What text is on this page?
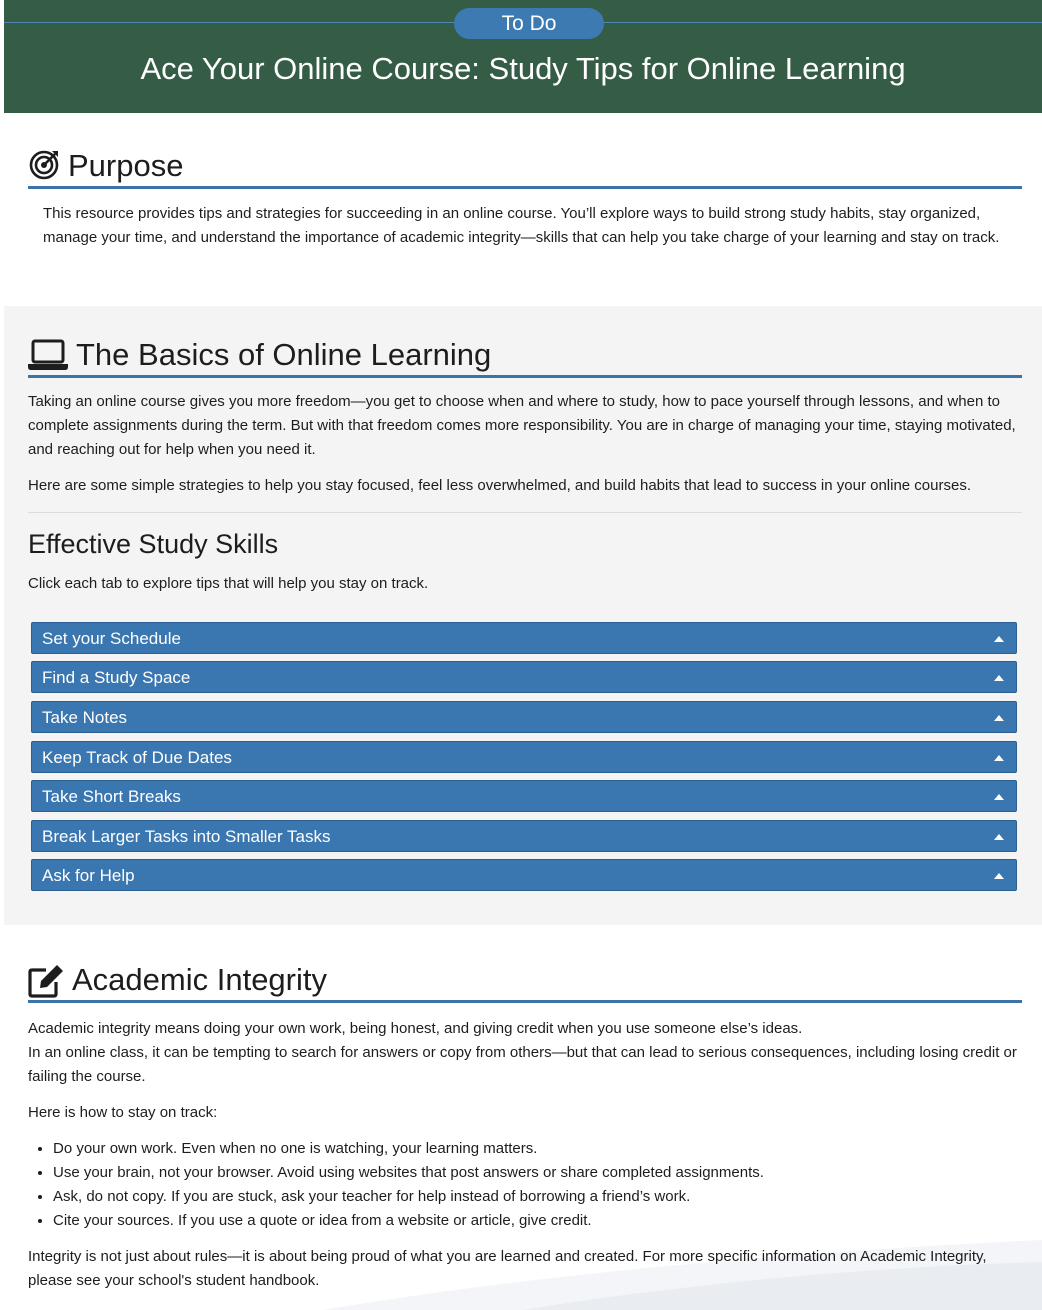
To Do
Ace Your Online Course: Study Tips for Online Learning
Purpose

This resource provides tips and strategies for succeeding in an online course. You’ll explore ways to build strong study habits, stay organized, manage your time, and understand the importance of academic integrity—skills that can help you take charge of your learning and stay on track.

The Basics of Online Learning

Taking an online course gives you more freedom—you get to choose when and where to study, how to pace yourself through lessons, and when to complete assignments during the term. But with that freedom comes more responsibility. You are in charge of managing your time, staying motivated, and reaching out for help when you need it.

Here are some simple strategies to help you stay focused, feel less overwhelmed, and build habits that lead to success in your online courses.

Effective Study Skills

Click each tab to explore tips that will help you stay on track.

Set your Schedule
Find a Study Space
Take Notes
Keep Track of Due Dates
Take Short Breaks
Break Larger Tasks into Smaller Tasks
Ask for Help
Academic Integrity

Academic integrity means doing your own work, being honest, and giving credit when you use someone else’s ideas.

In an online class, it can be tempting to search for answers or copy from others—but that can lead to serious consequences, including losing credit or failing the course.

Here is how to stay on track:

• Do your own work. Even when no one is watching, your learning matters.
• Use your brain, not your browser. Avoid using websites that post answers or share completed assignments.
• Ask, do not copy. If you are stuck, ask your teacher for help instead of borrowing a friend’s work.
• Cite your sources. If you use a quote or idea from a website or article, give credit.

Integrity is not just about rules—it is about being proud of what you are learned and created. For more specific information on Academic Integrity, please see your school's student handbook.
